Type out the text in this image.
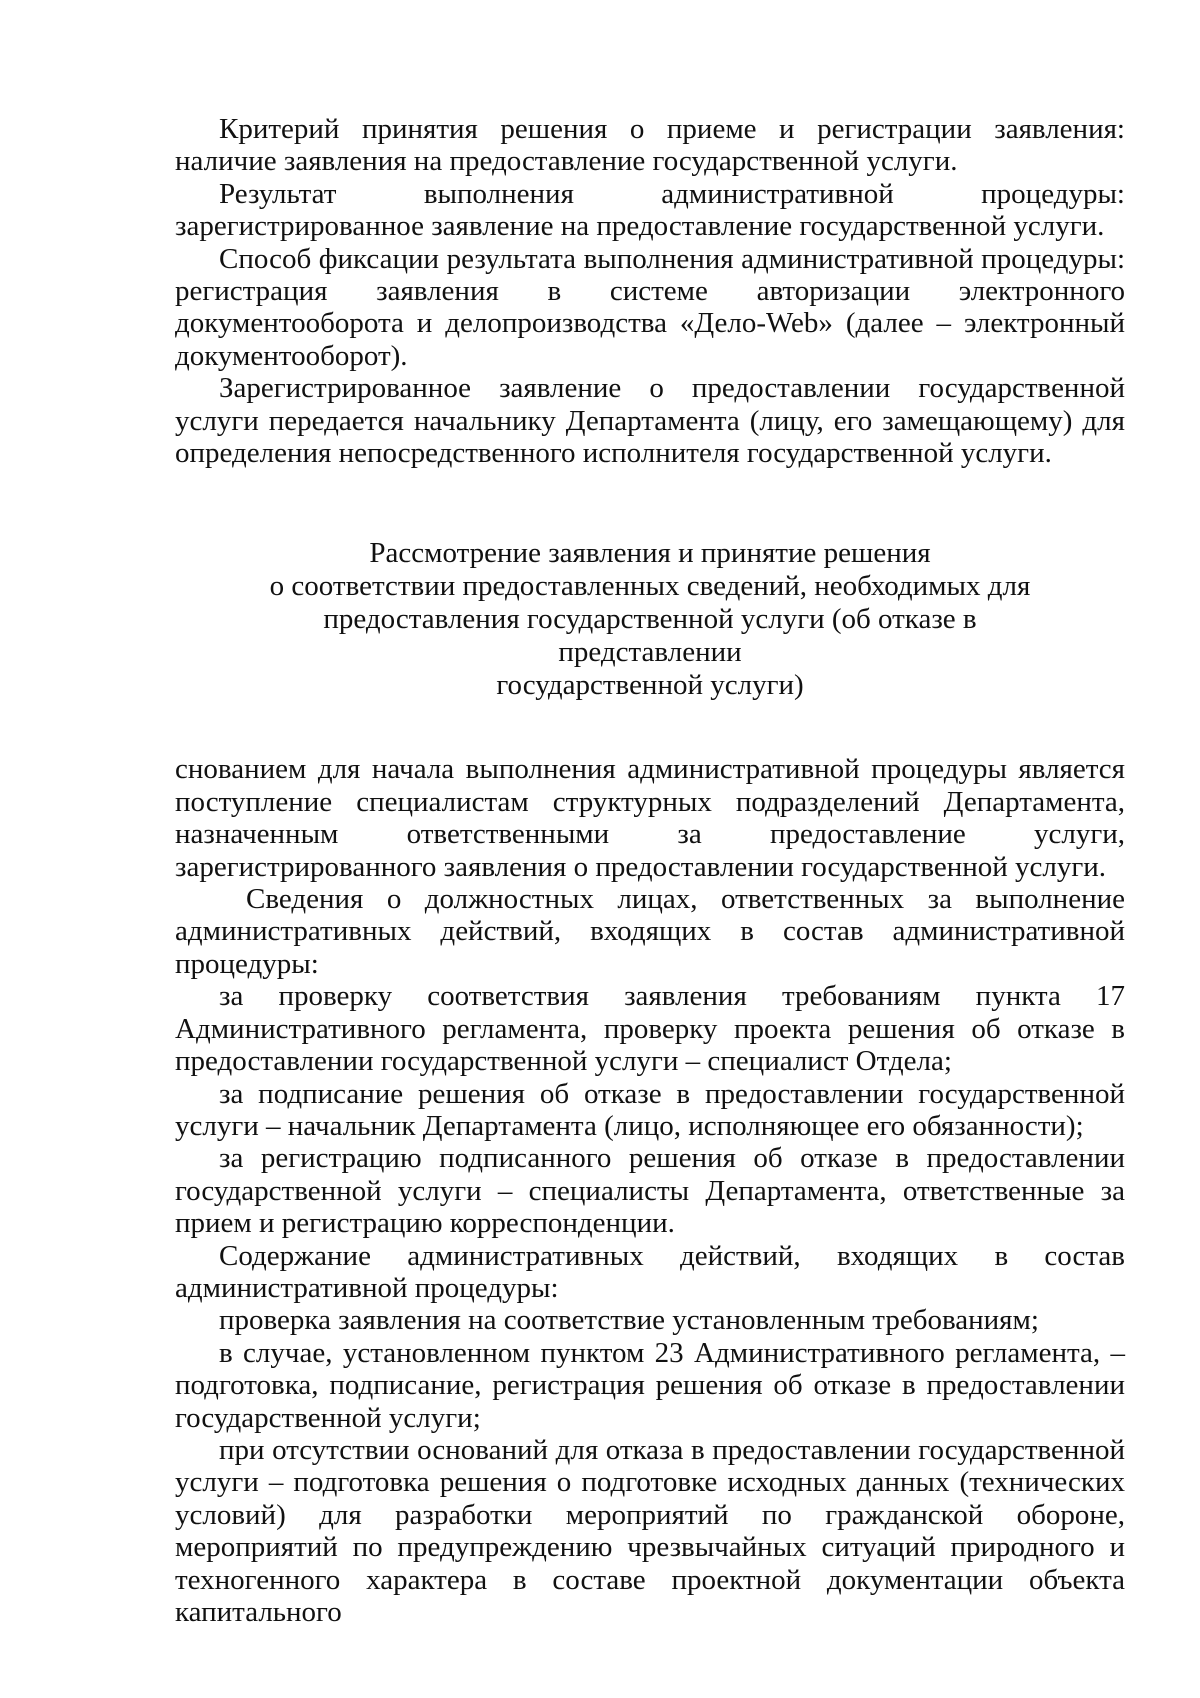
Критерий принятия решения о приеме и регистрации заявления: наличие заявления на предоставление государственной услуги.

Результат выполнения административной процедуры: зарегистрированное заявление на предоставление государственной услуги.

Способ фиксации результата выполнения административной процедуры: регистрация заявления в системе авторизации электронного документооборота и делопроизводства «Дело-Web» (далее – электронный документооборот).

Зарегистрированное заявление о предоставлении государственной услуги передается начальнику Департамента (лицу, его замещающему) для определения непосредственного исполнителя государственной услуги.

Рассмотрение заявления и принятие решения
о соответствии предоставленных сведений, необходимых для
предоставления государственной услуги (об отказе в представлении
государственной услуги)

снованием для начала выполнения административной процедуры является поступление специалистам структурных подразделений Департамента, назначенным ответственными за предоставление услуги, зарегистрированного заявления о предоставлении государственной услуги.

Сведения о должностных лицах, ответственных за выполнение административных действий, входящих в состав административной процедуры:

за проверку соответствия заявления требованиям пункта 17 Административного регламента, проверку проекта решения об отказе в предоставлении государственной услуги – специалист Отдела;

за подписание решения об отказе в предоставлении государственной услуги – начальник Департамента (лицо, исполняющее его обязанности);

за регистрацию подписанного решения об отказе в предоставлении государственной услуги – специалисты Департамента, ответственные за прием и регистрацию корреспонденции.

Содержание административных действий, входящих в состав административной процедуры:

проверка заявления на соответствие установленным требованиям;

в случае, установленном пунктом 23 Административного регламента, – подготовка, подписание, регистрация решения об отказе в предоставлении государственной услуги;

при отсутствии оснований для отказа в предоставлении государственной услуги – подготовка решения о подготовке исходных данных (технических условий) для разработки мероприятий по гражданской обороне, мероприятий по предупреждению чрезвычайных ситуаций природного и техногенного характера в составе проектной документации объекта капитального
